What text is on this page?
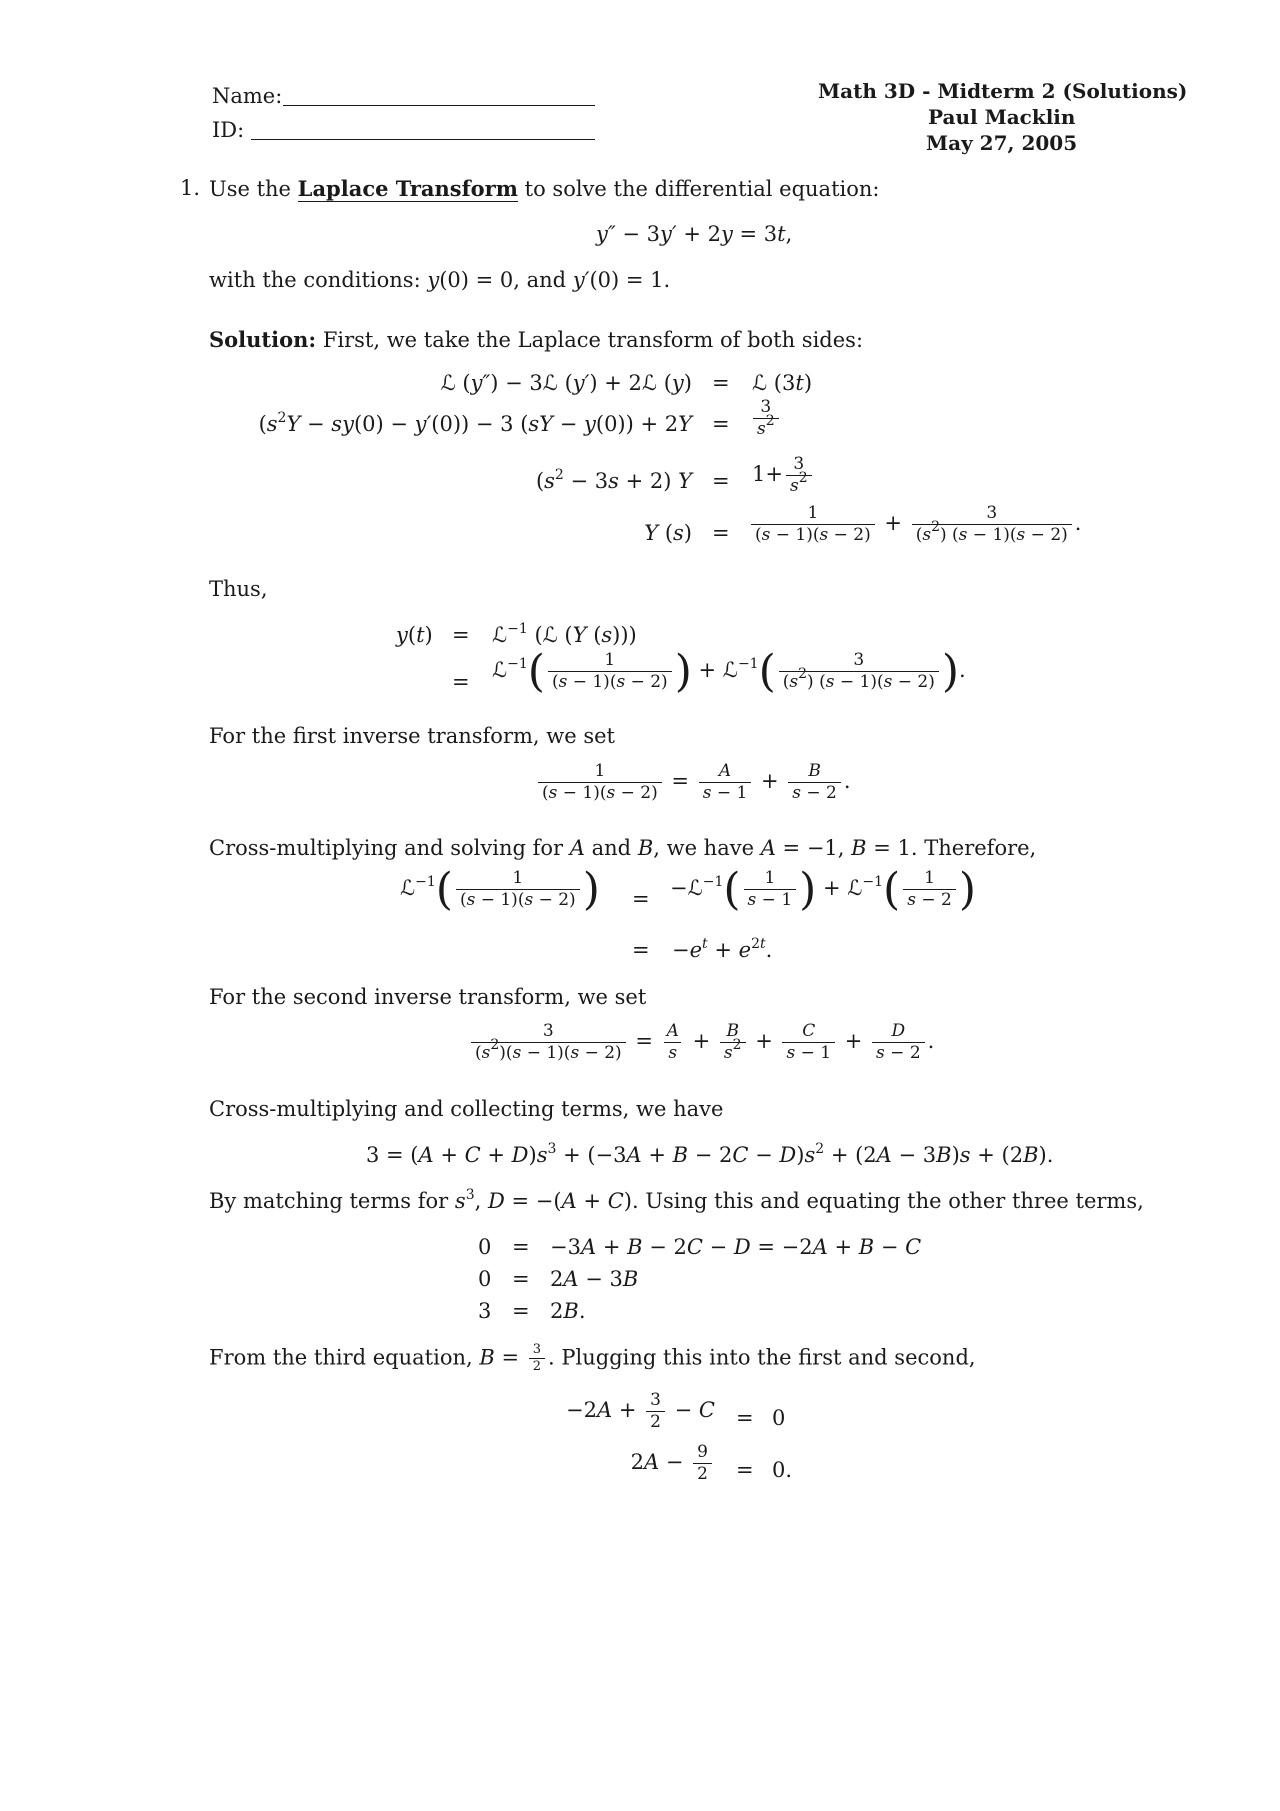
Name:
ID:
Math 3D - Midterm 2 (Solutions)
Paul Macklin
May 27, 2005
1. Use the Laplace Transform to solve the differential equation:
y″ − 3y′ + 2y = 3t,
with the conditions: y(0) = 0, and y′(0) = 1.
Solution: First, we take the Laplace transform of both sides:
ℒ (y″) − 3ℒ (y′) + 2ℒ (y) = ℒ (3t)
$(s^2Y - sy(0) - y'(0)) - 3$ $(sY - y(0)) + 2Y = \frac{3}{s^2}$
$(s^2 - 3s + 2) Y = 1+ \frac{3}{s^2}$
Y $(s) = \frac{1}{(s - 1)(s - 2)} + \frac{3}{(s^2) (s - 1)(s - 2)}$ .
Thus,
y(t) = ℒ$^{-1}$ (ℒ (Y (s)))
= ℒ$^{-1}$( $\frac{1}{(s - 1)(s - 2)}$ ) + ℒ$^{-1}$( $\frac{3}{(s^2) (s - 1)(s - 2)}$ ).
For the first inverse transform, we set
$\frac{1}{(s - 1)(s - 2)} = \frac{A}{s - 1} + \frac{B}{s - 2}$ .
Cross-multiplying and solving for A and B, we have A = −1, B = 1. Therefore,
ℒ$^{-1}$( $\frac{1}{(s - 1)(s - 2)}$ ) = −ℒ$^{-1}$( $\frac{1}{s - 1}$ ) + ℒ$^{-1}$( $\frac{1}{s - 2}$ )
= $-e^t + e^{2t}$.
For the second inverse transform, we set
$\frac{3}{(s^2)(s - 1)(s - 2)} = \frac{A}{s} + \frac{B}{s^2} + \frac{C}{s - 1} + \frac{D}{s - 2}$ .
Cross-multiplying and collecting terms, we have
$3 = (A + C + D)s^3 + (-3A + B - 2C - D)s^2 + (2A - 3B)s + (2B)$.
By matching terms for $s^3$, D = −(A + C). Using this and equating the other three terms,
0 = −3A + B − 2C − D = −2A + B − C
0 = 2A − 3B
3 = 2B.
From the third equation, $B = \frac{3}{2}$ . Plugging this into the first and second,
$-2A + \frac{3}{2} - C = 0$
$2A - \frac{9}{2} = 0$.
